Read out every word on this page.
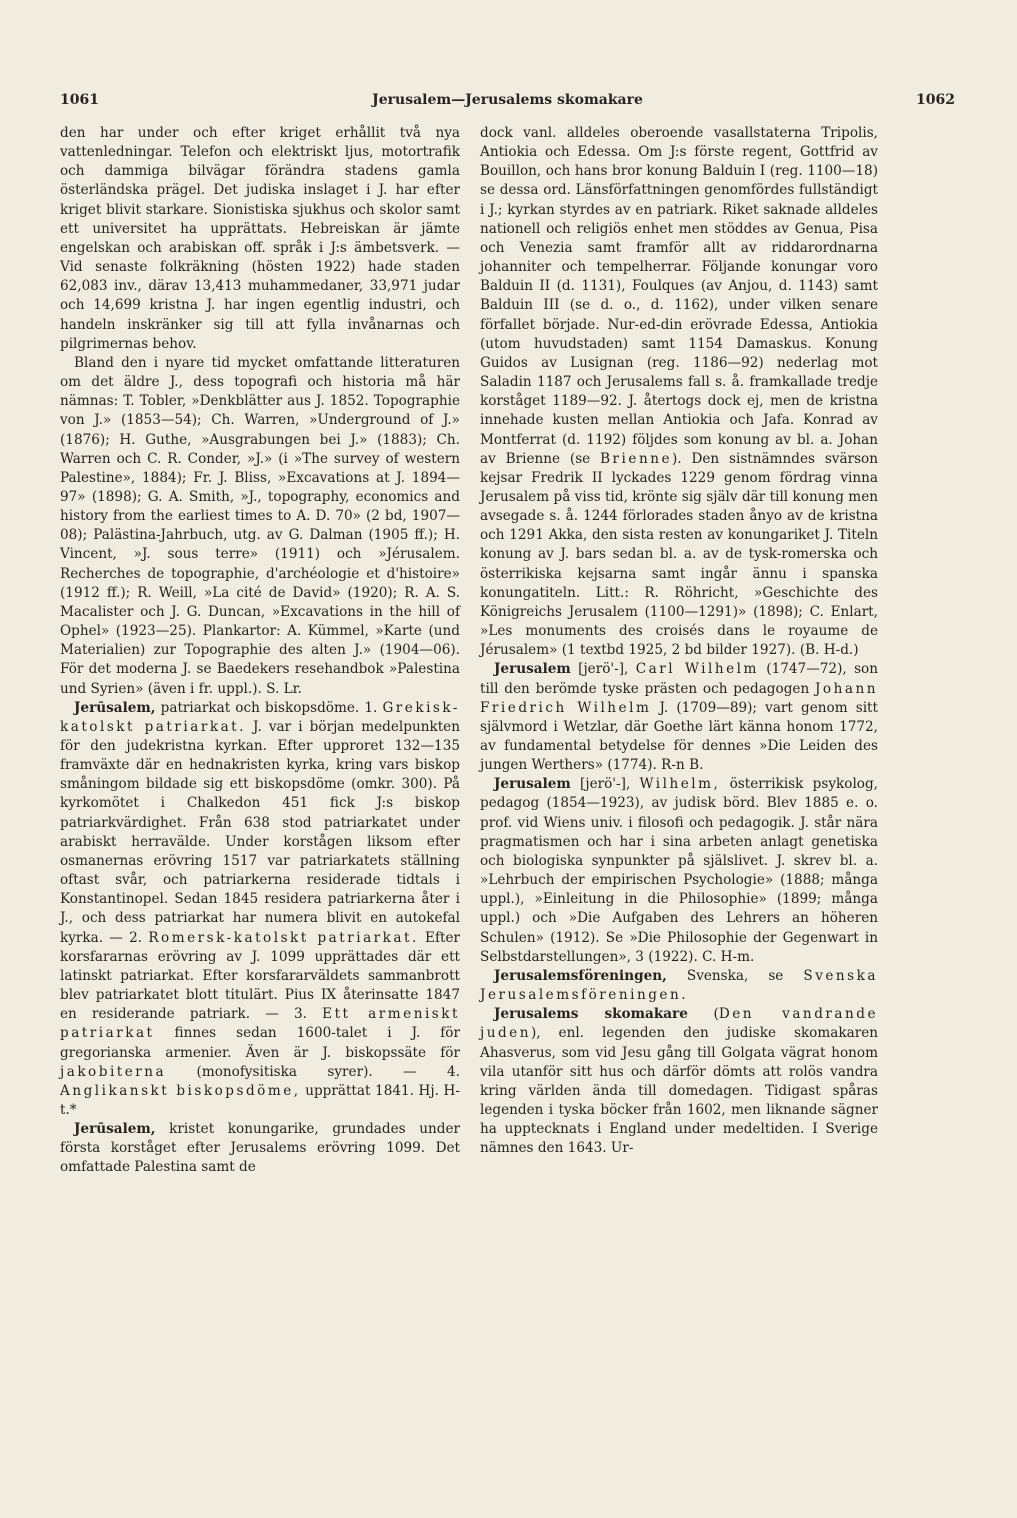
1061	Jerusalem—Jerusalems skomakare	1062

den har under och efter kriget erhållit två nya vattenledningar. Telefon och elektriskt ljus, motortrafik och dammiga bilvägar förändra stadens gamla österländska prägel. Det judiska inslaget i J. har efter kriget blivit starkare. Sionistiska sjukhus och skolor samt ett universitet ha upprättats. Hebreiskan är jämte engelskan och arabiskan off. språk i J:s ämbetsverk. — Vid senaste folkräkning (hösten 1922) hade staden 62,083 inv., därav 13,413 muhammedaner, 33,971 judar och 14,699 kristna J. har ingen egentlig industri, och handeln inskränker sig till att fylla invånarnas och pilgrimernas behov.

Bland den i nyare tid mycket omfattande litteraturen om det äldre J., dess topografi och historia må här nämnas: T. Tobler, »Denkblätter aus J. 1852. Topographie von J.» (1853—54); Ch. Warren, »Underground of J.» (1876); H. Guthe, »Ausgrabungen bei J.» (1883); Ch. Warren och C. R. Conder, »J.» (i »The survey of western Palestine», 1884); Fr. J. Bliss, »Excavations at J. 1894—97» (1898); G. A. Smith, »J., topography, economics and history from the earliest times to A. D. 70» (2 bd, 1907—08); Palästina-Jahrbuch, utg. av G. Dalman (1905 ff.); H. Vincent, »J. sous terre» (1911) och »Jérusalem. Recherches de topographie, d'archéologie et d'histoire» (1912 ff.); R. Weill, »La cité de David» (1920); R. A. S. Macalister och J. G. Duncan, »Excavations in the hill of Ophel» (1923—25). Plankartor: A. Kümmel, »Karte (und Materialien) zur Topographie des alten J.» (1904—06). För det moderna J. se Baedekers resehandbok »Palestina und Syrien» (även i fr. uppl.). S. Lr.

Jerūsalem, patriarkat och biskopsdöme. 1. Grekisk-katolskt patriarkat. J. var i början medelpunkten för den judekristna kyrkan. Efter upproret 132—135 framväxte där en hednakristen kyrka, kring vars biskop småningom bildade sig ett biskopsdöme (omkr. 300). På kyrkomötet i Chalkedon 451 fick J:s biskop patriarkvärdighet. Från 638 stod patriarkatet under arabiskt herravälde. Under korstågen liksom efter osmanernas erövring 1517 var patriarkatets ställning oftast svår, och patriarkerna residerade tidtals i Konstantinopel. Sedan 1845 residera patriarkerna åter i J., och dess patriarkat har numera blivit en autokefal kyrka. — 2. Romersk-katolskt patriarkat. Efter korsfararnas erövring av J. 1099 upprättades där ett latinskt patriarkat. Efter korsfararväldets sammanbrott blev patriarkatet blott titulärt. Pius IX återinsatte 1847 en residerande patriark. — 3. Ett armeniskt patriarkat finnes sedan 1600-talet i J. för gregorianska armenier. Även är J. biskopssäte för jakobiterna (monofysitiska syrer). — 4. Anglikanskt biskopsdöme, upprättat 1841. Hj. H-t.*

Jerūsalem, kristet konungarike, grundades under första korståget efter Jerusalems erövring 1099. Det omfattade Palestina samt de

dock vanl. alldeles oberoende vasallstaterna Tripolis, Antiokia och Edessa. Om J:s förste regent, Gottfrid av Bouillon, och hans bror konung Balduin I (reg. 1100—18) se dessa ord. Länsförfattningen genomfördes fullständigt i J.; kyrkan styrdes av en patriark. Riket saknade alldeles nationell och religiös enhet men stöddes av Genua, Pisa och Venezia samt framför allt av riddarordnarna johanniter och tempelherrar. Följande konungar voro Balduin II (d. 1131), Foulques (av Anjou, d. 1143) samt Balduin III (se d. o., d. 1162), under vilken senare förfallet började. Nur-ed-din erövrade Edessa, Antiokia (utom huvudstaden) samt 1154 Damaskus. Konung Guidos av Lusignan (reg. 1186—92) nederlag mot Saladin 1187 och Jerusalems fall s. å. framkallade tredje korståget 1189—92. J. återtogs dock ej, men de kristna innehade kusten mellan Antiokia och Jafa. Konrad av Montferrat (d. 1192) följdes som konung av bl. a. Johan av Brienne (se Brienne). Den sistnämndes svärson kejsar Fredrik II lyckades 1229 genom fördrag vinna Jerusalem på viss tid, krönte sig själv där till konung men avsegade s. å. 1244 förlorades staden ånyo av de kristna och 1291 Akka, den sista resten av konungariket J. Titeln konung av J. bars sedan bl. a. av de tysk-romerska och österrikiska kejsarna samt ingår ännu i spanska konungatiteln. Litt.: R. Röhricht, »Geschichte des Königreichs Jerusalem (1100—1291)» (1898); C. Enlart, »Les monuments des croisés dans le royaume de Jérusalem» (1 textbd 1925, 2 bd bilder 1927). (B. H-d.)

Jerusalem [jerö'-], Carl Wilhelm (1747—72), son till den berömde tyske prästen och pedagogen Johann Friedrich Wilhelm J. (1709—89); vart genom sitt självmord i Wetzlar, där Goethe lärt känna honom 1772, av fundamental betydelse för dennes »Die Leiden des jungen Werthers» (1774). R-n B.

Jerusalem [jerö'-], Wilhelm, österrikisk psykolog, pedagog (1854—1923), av judisk börd. Blev 1885 e. o. prof. vid Wiens univ. i filosofi och pedagogik. J. står nära pragmatismen och har i sina arbeten anlagt genetiska och biologiska synpunkter på själslivet. J. skrev bl. a. »Lehrbuch der empirischen Psychologie» (1888; många uppl.), »Einleitung in die Philosophie» (1899; många uppl.) och »Die Aufgaben des Lehrers an höheren Schulen» (1912). Se »Die Philosophie der Gegenwart in Selbstdarstellungen», 3 (1922). C. H-m.

Jerusalemsföreningen, Svenska, se Svenska Jerusalemsföreningen.

Jerusalems skomakare (Den vandrande juden), enl. legenden den judiske skomakaren Ahasverus, som vid Jesu gång till Golgata vägrat honom vila utanför sitt hus och därför dömts att rolös vandra kring världen ända till domedagen. Tidigast spåras legenden i tyska böcker från 1602, men liknande sägner ha upptecknats i England under medeltiden. I Sverige nämnes den 1643. Ur-
